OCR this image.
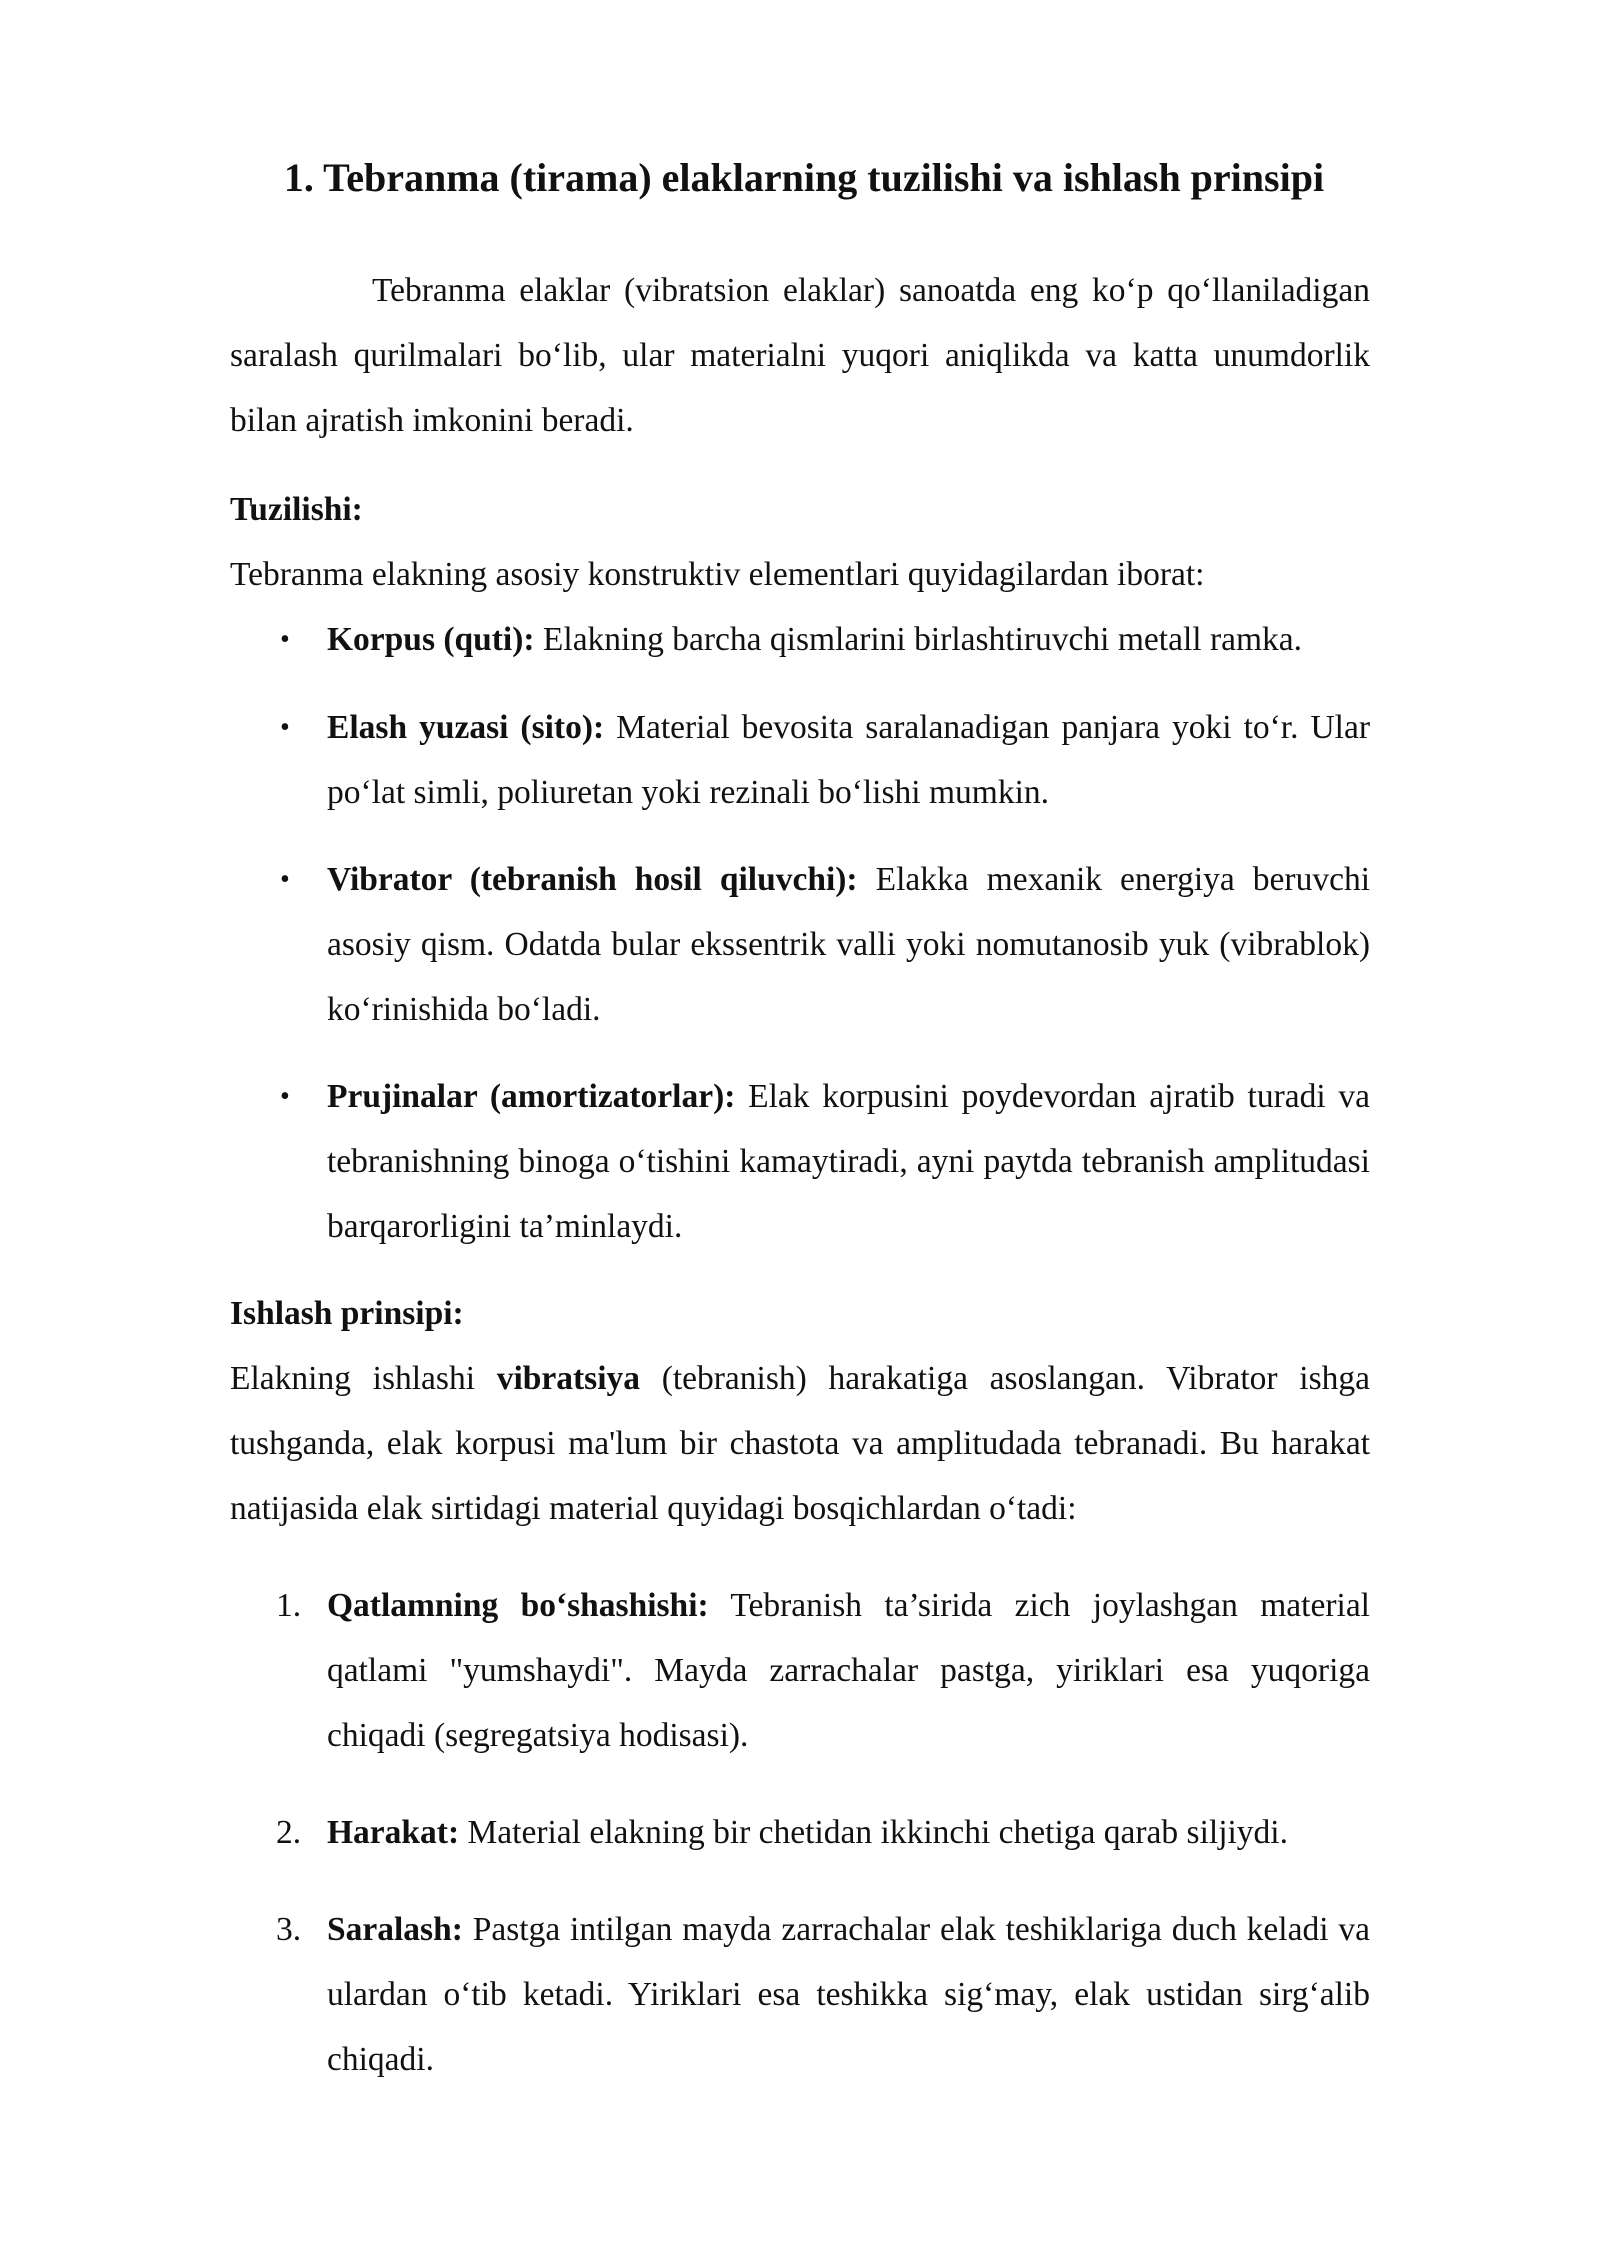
1. Tebranma (tirama) elaklarning tuzilishi va ishlash prinsipi

Tebranma elaklar (vibratsion elaklar) sanoatda eng ko‘p qo‘llaniladigan saralash qurilmalari bo‘lib, ular materialni yuqori aniqlikda va katta unumdorlik bilan ajratish imkonini beradi.

Tuzilishi:

Tebranma elakning asosiy konstruktiv elementlari quyidagilardan iborat:

• Korpus (quti): Elakning barcha qismlarini birlashtiruvchi metall ramka.
• Elash yuzasi (sito): Material bevosita saralanadigan panjara yoki to‘r. Ular po‘lat simli, poliuretan yoki rezinali bo‘lishi mumkin.
• Vibrator (tebranish hosil qiluvchi): Elakka mexanik energiya beruvchi asosiy qism. Odatda bular ekssentrik valli yoki nomutanosib yuk (vibrablok) ko‘rinishida bo‘ladi.
• Prujinalar (amortizatorlar): Elak korpusini poydevordan ajratib turadi va tebranishning binoga o‘tishini kamaytiradi, ayni paytda tebranish amplitudasi barqarorligini ta’minlaydi.

Ishlash prinsipi:

Elakning ishlashi vibratsiya (tebranish) harakatiga asoslangan. Vibrator ishga tushganda, elak korpusi ma'lum bir chastota va amplitudada tebranadi. Bu harakat natijasida elak sirtidagi material quyidagi bosqichlardan o‘tadi:

1. Qatlamning bo‘shashishi: Tebranish ta’sirida zich joylashgan material qatlami "yumshaydi". Mayda zarrachalar pastga, yiriklari esa yuqoriga chiqadi (segregatsiya hodisasi).
2. Harakat: Material elakning bir chetidan ikkinchi chetiga qarab siljiydi.
3. Saralash: Pastga intilgan mayda zarrachalar elak teshiklariga duch keladi va ulardan o‘tib ketadi. Yiriklari esa teshikka sig‘may, elak ustidan sirg‘alib chiqadi.
